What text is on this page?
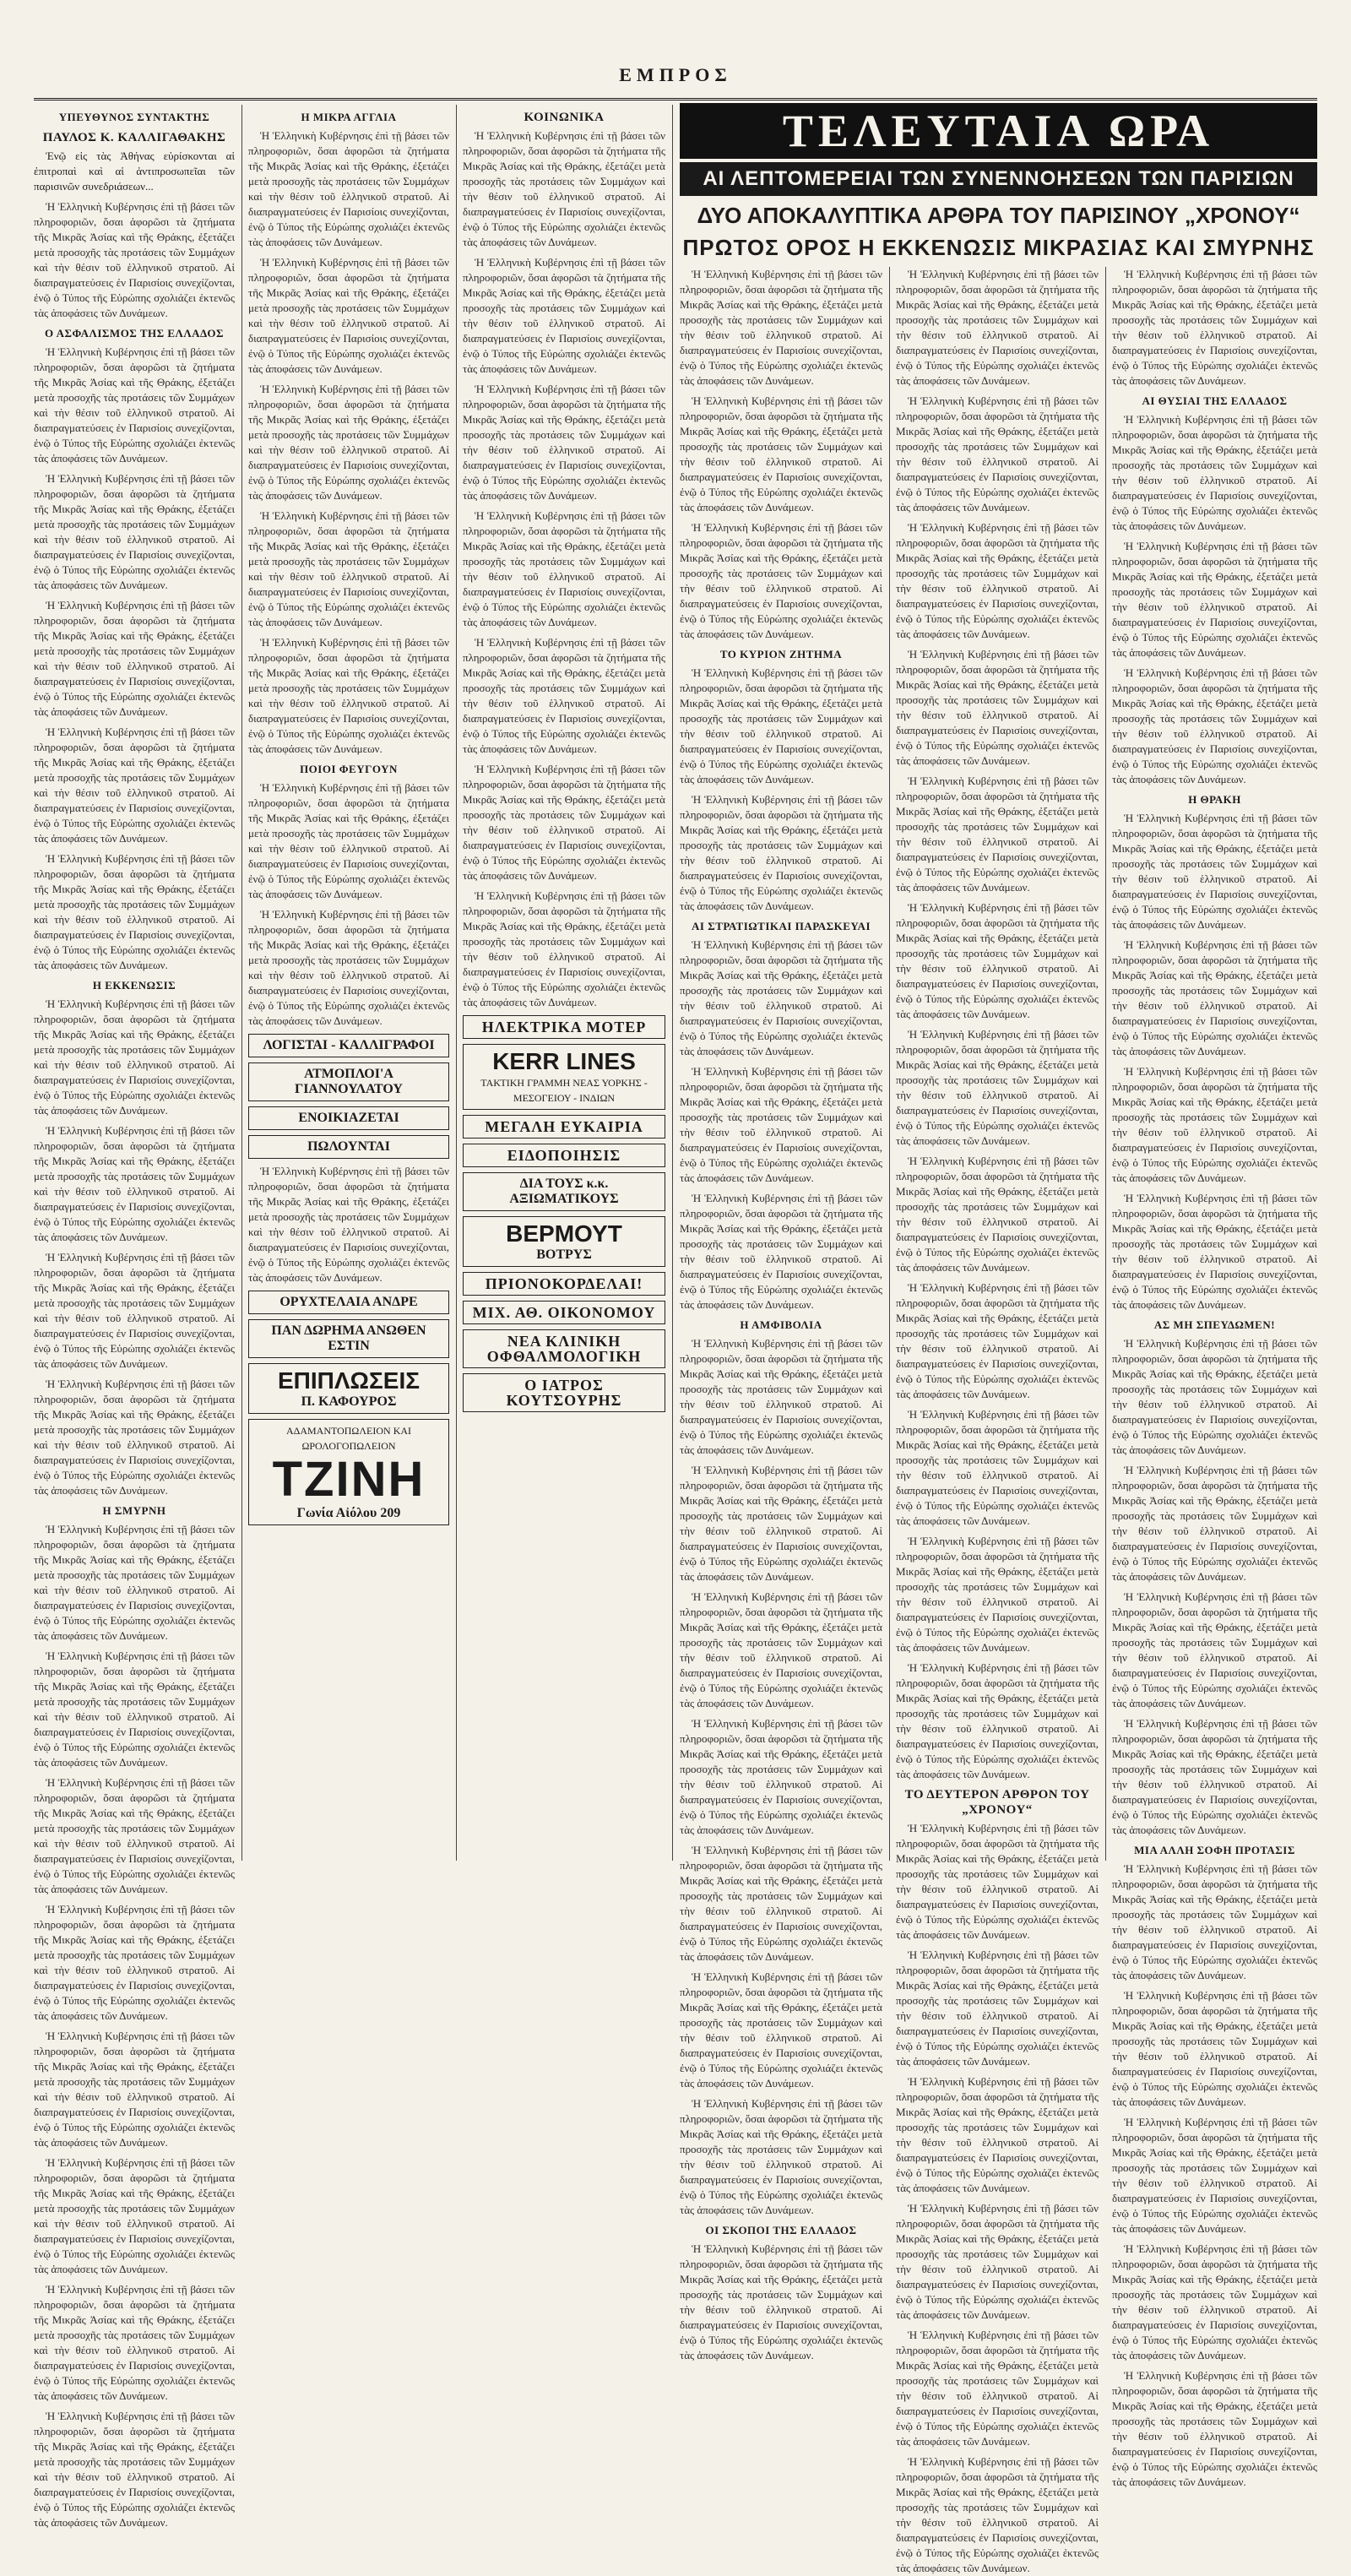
ΕΜΠΡΟΣ
ΥΠΕΥΘΥΝΟΣ ΣΥΝΤΑΚΤΗΣ
ΠΑΥΛΟΣ Κ. ΚΑΛΛΙΓΑΘΑΚΗΣ

Ἐνῷ εἰς τὰς Ἀθήνας εὑρίσκονται αἱ ἐπιτροπαὶ καὶ αἱ ἀντιπροσωπεῖαι τῶν παρισινῶν συνεδριάσεων...

Ἡ Ἑλληνικὴ Κυβέρνησις ἐπὶ τῇ βάσει τῶν πληροφοριῶν, ὅσαι ἀφορῶσι τὰ ζητήματα τῆς Μικρᾶς Ἀσίας καὶ τῆς Θράκης, ἐξετάζει μετὰ προσοχῆς τὰς προτάσεις τῶν Συμμάχων καὶ τὴν θέσιν τοῦ ἑλληνικοῦ στρατοῦ. Αἱ διαπραγματεύσεις ἐν Παρισίοις συνεχίζονται, ἐνῷ ὁ Τύπος τῆς Εὐρώπης σχολιάζει ἐκτενῶς τὰς ἀποφάσεις τῶν Δυνάμεων.

Ο ΑΣΦΑΛΙΣΜΟΣ ΤΗΣ ΕΛΛΑΔΟΣ

Ἡ Ἑλληνικὴ Κυβέρνησις ἐπὶ τῇ βάσει τῶν πληροφοριῶν, ὅσαι ἀφορῶσι τὰ ζητήματα τῆς Μικρᾶς Ἀσίας καὶ τῆς Θράκης, ἐξετάζει μετὰ προσοχῆς τὰς προτάσεις τῶν Συμμάχων καὶ τὴν θέσιν τοῦ ἑλληνικοῦ στρατοῦ. Αἱ διαπραγματεύσεις ἐν Παρισίοις συνεχίζονται, ἐνῷ ὁ Τύπος τῆς Εὐρώπης σχολιάζει ἐκτενῶς τὰς ἀποφάσεις τῶν Δυνάμεων.

Ἡ Ἑλληνικὴ Κυβέρνησις ἐπὶ τῇ βάσει τῶν πληροφοριῶν, ὅσαι ἀφορῶσι τὰ ζητήματα τῆς Μικρᾶς Ἀσίας καὶ τῆς Θράκης, ἐξετάζει μετὰ προσοχῆς τὰς προτάσεις τῶν Συμμάχων καὶ τὴν θέσιν τοῦ ἑλληνικοῦ στρατοῦ. Αἱ διαπραγματεύσεις ἐν Παρισίοις συνεχίζονται, ἐνῷ ὁ Τύπος τῆς Εὐρώπης σχολιάζει ἐκτενῶς τὰς ἀποφάσεις τῶν Δυνάμεων.

Ἡ Ἑλληνικὴ Κυβέρνησις ἐπὶ τῇ βάσει τῶν πληροφοριῶν, ὅσαι ἀφορῶσι τὰ ζητήματα τῆς Μικρᾶς Ἀσίας καὶ τῆς Θράκης, ἐξετάζει μετὰ προσοχῆς τὰς προτάσεις τῶν Συμμάχων καὶ τὴν θέσιν τοῦ ἑλληνικοῦ στρατοῦ. Αἱ διαπραγματεύσεις ἐν Παρισίοις συνεχίζονται, ἐνῷ ὁ Τύπος τῆς Εὐρώπης σχολιάζει ἐκτενῶς τὰς ἀποφάσεις τῶν Δυνάμεων.

Ἡ Ἑλληνικὴ Κυβέρνησις ἐπὶ τῇ βάσει τῶν πληροφοριῶν, ὅσαι ἀφορῶσι τὰ ζητήματα τῆς Μικρᾶς Ἀσίας καὶ τῆς Θράκης, ἐξετάζει μετὰ προσοχῆς τὰς προτάσεις τῶν Συμμάχων καὶ τὴν θέσιν τοῦ ἑλληνικοῦ στρατοῦ. Αἱ διαπραγματεύσεις ἐν Παρισίοις συνεχίζονται, ἐνῷ ὁ Τύπος τῆς Εὐρώπης σχολιάζει ἐκτενῶς τὰς ἀποφάσεις τῶν Δυνάμεων.

Ἡ Ἑλληνικὴ Κυβέρνησις ἐπὶ τῇ βάσει τῶν πληροφοριῶν, ὅσαι ἀφορῶσι τὰ ζητήματα τῆς Μικρᾶς Ἀσίας καὶ τῆς Θράκης, ἐξετάζει μετὰ προσοχῆς τὰς προτάσεις τῶν Συμμάχων καὶ τὴν θέσιν τοῦ ἑλληνικοῦ στρατοῦ. Αἱ διαπραγματεύσεις ἐν Παρισίοις συνεχίζονται, ἐνῷ ὁ Τύπος τῆς Εὐρώπης σχολιάζει ἐκτενῶς τὰς ἀποφάσεις τῶν Δυνάμεων.

Η ΕΚΚΕΝΩΣΙΣ

Ἡ Ἑλληνικὴ Κυβέρνησις ἐπὶ τῇ βάσει τῶν πληροφοριῶν, ὅσαι ἀφορῶσι τὰ ζητήματα τῆς Μικρᾶς Ἀσίας καὶ τῆς Θράκης, ἐξετάζει μετὰ προσοχῆς τὰς προτάσεις τῶν Συμμάχων καὶ τὴν θέσιν τοῦ ἑλληνικοῦ στρατοῦ. Αἱ διαπραγματεύσεις ἐν Παρισίοις συνεχίζονται, ἐνῷ ὁ Τύπος τῆς Εὐρώπης σχολιάζει ἐκτενῶς τὰς ἀποφάσεις τῶν Δυνάμεων.

Ἡ Ἑλληνικὴ Κυβέρνησις ἐπὶ τῇ βάσει τῶν πληροφοριῶν, ὅσαι ἀφορῶσι τὰ ζητήματα τῆς Μικρᾶς Ἀσίας καὶ τῆς Θράκης, ἐξετάζει μετὰ προσοχῆς τὰς προτάσεις τῶν Συμμάχων καὶ τὴν θέσιν τοῦ ἑλληνικοῦ στρατοῦ. Αἱ διαπραγματεύσεις ἐν Παρισίοις συνεχίζονται, ἐνῷ ὁ Τύπος τῆς Εὐρώπης σχολιάζει ἐκτενῶς τὰς ἀποφάσεις τῶν Δυνάμεων.

Ἡ Ἑλληνικὴ Κυβέρνησις ἐπὶ τῇ βάσει τῶν πληροφοριῶν, ὅσαι ἀφορῶσι τὰ ζητήματα τῆς Μικρᾶς Ἀσίας καὶ τῆς Θράκης, ἐξετάζει μετὰ προσοχῆς τὰς προτάσεις τῶν Συμμάχων καὶ τὴν θέσιν τοῦ ἑλληνικοῦ στρατοῦ. Αἱ διαπραγματεύσεις ἐν Παρισίοις συνεχίζονται, ἐνῷ ὁ Τύπος τῆς Εὐρώπης σχολιάζει ἐκτενῶς τὰς ἀποφάσεις τῶν Δυνάμεων.

Ἡ Ἑλληνικὴ Κυβέρνησις ἐπὶ τῇ βάσει τῶν πληροφοριῶν, ὅσαι ἀφορῶσι τὰ ζητήματα τῆς Μικρᾶς Ἀσίας καὶ τῆς Θράκης, ἐξετάζει μετὰ προσοχῆς τὰς προτάσεις τῶν Συμμάχων καὶ τὴν θέσιν τοῦ ἑλληνικοῦ στρατοῦ. Αἱ διαπραγματεύσεις ἐν Παρισίοις συνεχίζονται, ἐνῷ ὁ Τύπος τῆς Εὐρώπης σχολιάζει ἐκτενῶς τὰς ἀποφάσεις τῶν Δυνάμεων.

Η ΣΜΥΡΝΗ

Ἡ Ἑλληνικὴ Κυβέρνησις ἐπὶ τῇ βάσει τῶν πληροφοριῶν, ὅσαι ἀφορῶσι τὰ ζητήματα τῆς Μικρᾶς Ἀσίας καὶ τῆς Θράκης, ἐξετάζει μετὰ προσοχῆς τὰς προτάσεις τῶν Συμμάχων καὶ τὴν θέσιν τοῦ ἑλληνικοῦ στρατοῦ. Αἱ διαπραγματεύσεις ἐν Παρισίοις συνεχίζονται, ἐνῷ ὁ Τύπος τῆς Εὐρώπης σχολιάζει ἐκτενῶς τὰς ἀποφάσεις τῶν Δυνάμεων.

Ἡ Ἑλληνικὴ Κυβέρνησις ἐπὶ τῇ βάσει τῶν πληροφοριῶν, ὅσαι ἀφορῶσι τὰ ζητήματα τῆς Μικρᾶς Ἀσίας καὶ τῆς Θράκης, ἐξετάζει μετὰ προσοχῆς τὰς προτάσεις τῶν Συμμάχων καὶ τὴν θέσιν τοῦ ἑλληνικοῦ στρατοῦ. Αἱ διαπραγματεύσεις ἐν Παρισίοις συνεχίζονται, ἐνῷ ὁ Τύπος τῆς Εὐρώπης σχολιάζει ἐκτενῶς τὰς ἀποφάσεις τῶν Δυνάμεων.

Ἡ Ἑλληνικὴ Κυβέρνησις ἐπὶ τῇ βάσει τῶν πληροφοριῶν, ὅσαι ἀφορῶσι τὰ ζητήματα τῆς Μικρᾶς Ἀσίας καὶ τῆς Θράκης, ἐξετάζει μετὰ προσοχῆς τὰς προτάσεις τῶν Συμμάχων καὶ τὴν θέσιν τοῦ ἑλληνικοῦ στρατοῦ. Αἱ διαπραγματεύσεις ἐν Παρισίοις συνεχίζονται, ἐνῷ ὁ Τύπος τῆς Εὐρώπης σχολιάζει ἐκτενῶς τὰς ἀποφάσεις τῶν Δυνάμεων.

Ἡ Ἑλληνικὴ Κυβέρνησις ἐπὶ τῇ βάσει τῶν πληροφοριῶν, ὅσαι ἀφορῶσι τὰ ζητήματα τῆς Μικρᾶς Ἀσίας καὶ τῆς Θράκης, ἐξετάζει μετὰ προσοχῆς τὰς προτάσεις τῶν Συμμάχων καὶ τὴν θέσιν τοῦ ἑλληνικοῦ στρατοῦ. Αἱ διαπραγματεύσεις ἐν Παρισίοις συνεχίζονται, ἐνῷ ὁ Τύπος τῆς Εὐρώπης σχολιάζει ἐκτενῶς τὰς ἀποφάσεις τῶν Δυνάμεων.

Ἡ Ἑλληνικὴ Κυβέρνησις ἐπὶ τῇ βάσει τῶν πληροφοριῶν, ὅσαι ἀφορῶσι τὰ ζητήματα τῆς Μικρᾶς Ἀσίας καὶ τῆς Θράκης, ἐξετάζει μετὰ προσοχῆς τὰς προτάσεις τῶν Συμμάχων καὶ τὴν θέσιν τοῦ ἑλληνικοῦ στρατοῦ. Αἱ διαπραγματεύσεις ἐν Παρισίοις συνεχίζονται, ἐνῷ ὁ Τύπος τῆς Εὐρώπης σχολιάζει ἐκτενῶς τὰς ἀποφάσεις τῶν Δυνάμεων.

Ἡ Ἑλληνικὴ Κυβέρνησις ἐπὶ τῇ βάσει τῶν πληροφοριῶν, ὅσαι ἀφορῶσι τὰ ζητήματα τῆς Μικρᾶς Ἀσίας καὶ τῆς Θράκης, ἐξετάζει μετὰ προσοχῆς τὰς προτάσεις τῶν Συμμάχων καὶ τὴν θέσιν τοῦ ἑλληνικοῦ στρατοῦ. Αἱ διαπραγματεύσεις ἐν Παρισίοις συνεχίζονται, ἐνῷ ὁ Τύπος τῆς Εὐρώπης σχολιάζει ἐκτενῶς τὰς ἀποφάσεις τῶν Δυνάμεων.

Ἡ Ἑλληνικὴ Κυβέρνησις ἐπὶ τῇ βάσει τῶν πληροφοριῶν, ὅσαι ἀφορῶσι τὰ ζητήματα τῆς Μικρᾶς Ἀσίας καὶ τῆς Θράκης, ἐξετάζει μετὰ προσοχῆς τὰς προτάσεις τῶν Συμμάχων καὶ τὴν θέσιν τοῦ ἑλληνικοῦ στρατοῦ. Αἱ διαπραγματεύσεις ἐν Παρισίοις συνεχίζονται, ἐνῷ ὁ Τύπος τῆς Εὐρώπης σχολιάζει ἐκτενῶς τὰς ἀποφάσεις τῶν Δυνάμεων.

Ἡ Ἑλληνικὴ Κυβέρνησις ἐπὶ τῇ βάσει τῶν πληροφοριῶν, ὅσαι ἀφορῶσι τὰ ζητήματα τῆς Μικρᾶς Ἀσίας καὶ τῆς Θράκης, ἐξετάζει μετὰ προσοχῆς τὰς προτάσεις τῶν Συμμάχων καὶ τὴν θέσιν τοῦ ἑλληνικοῦ στρατοῦ. Αἱ διαπραγματεύσεις ἐν Παρισίοις συνεχίζονται, ἐνῷ ὁ Τύπος τῆς Εὐρώπης σχολιάζει ἐκτενῶς τὰς ἀποφάσεις τῶν Δυνάμεων.

Η ΜΙΚΡΑ ΑΓΓΛΙΑ

Ἡ Ἑλληνικὴ Κυβέρνησις ἐπὶ τῇ βάσει τῶν πληροφοριῶν, ὅσαι ἀφορῶσι τὰ ζητήματα τῆς Μικρᾶς Ἀσίας καὶ τῆς Θράκης, ἐξετάζει μετὰ προσοχῆς τὰς προτάσεις τῶν Συμμάχων καὶ τὴν θέσιν τοῦ ἑλληνικοῦ στρατοῦ. Αἱ διαπραγματεύσεις ἐν Παρισίοις συνεχίζονται, ἐνῷ ὁ Τύπος τῆς Εὐρώπης σχολιάζει ἐκτενῶς τὰς ἀποφάσεις τῶν Δυνάμεων.

Ἡ Ἑλληνικὴ Κυβέρνησις ἐπὶ τῇ βάσει τῶν πληροφοριῶν, ὅσαι ἀφορῶσι τὰ ζητήματα τῆς Μικρᾶς Ἀσίας καὶ τῆς Θράκης, ἐξετάζει μετὰ προσοχῆς τὰς προτάσεις τῶν Συμμάχων καὶ τὴν θέσιν τοῦ ἑλληνικοῦ στρατοῦ. Αἱ διαπραγματεύσεις ἐν Παρισίοις συνεχίζονται, ἐνῷ ὁ Τύπος τῆς Εὐρώπης σχολιάζει ἐκτενῶς τὰς ἀποφάσεις τῶν Δυνάμεων.

Ἡ Ἑλληνικὴ Κυβέρνησις ἐπὶ τῇ βάσει τῶν πληροφοριῶν, ὅσαι ἀφορῶσι τὰ ζητήματα τῆς Μικρᾶς Ἀσίας καὶ τῆς Θράκης, ἐξετάζει μετὰ προσοχῆς τὰς προτάσεις τῶν Συμμάχων καὶ τὴν θέσιν τοῦ ἑλληνικοῦ στρατοῦ. Αἱ διαπραγματεύσεις ἐν Παρισίοις συνεχίζονται, ἐνῷ ὁ Τύπος τῆς Εὐρώπης σχολιάζει ἐκτενῶς τὰς ἀποφάσεις τῶν Δυνάμεων.

Ἡ Ἑλληνικὴ Κυβέρνησις ἐπὶ τῇ βάσει τῶν πληροφοριῶν, ὅσαι ἀφορῶσι τὰ ζητήματα τῆς Μικρᾶς Ἀσίας καὶ τῆς Θράκης, ἐξετάζει μετὰ προσοχῆς τὰς προτάσεις τῶν Συμμάχων καὶ τὴν θέσιν τοῦ ἑλληνικοῦ στρατοῦ. Αἱ διαπραγματεύσεις ἐν Παρισίοις συνεχίζονται, ἐνῷ ὁ Τύπος τῆς Εὐρώπης σχολιάζει ἐκτενῶς τὰς ἀποφάσεις τῶν Δυνάμεων.

Ἡ Ἑλληνικὴ Κυβέρνησις ἐπὶ τῇ βάσει τῶν πληροφοριῶν, ὅσαι ἀφορῶσι τὰ ζητήματα τῆς Μικρᾶς Ἀσίας καὶ τῆς Θράκης, ἐξετάζει μετὰ προσοχῆς τὰς προτάσεις τῶν Συμμάχων καὶ τὴν θέσιν τοῦ ἑλληνικοῦ στρατοῦ. Αἱ διαπραγματεύσεις ἐν Παρισίοις συνεχίζονται, ἐνῷ ὁ Τύπος τῆς Εὐρώπης σχολιάζει ἐκτενῶς τὰς ἀποφάσεις τῶν Δυνάμεων.

ΠΟΙΟΙ ΦΕΥΓΟΥΝ

Ἡ Ἑλληνικὴ Κυβέρνησις ἐπὶ τῇ βάσει τῶν πληροφοριῶν, ὅσαι ἀφορῶσι τὰ ζητήματα τῆς Μικρᾶς Ἀσίας καὶ τῆς Θράκης, ἐξετάζει μετὰ προσοχῆς τὰς προτάσεις τῶν Συμμάχων καὶ τὴν θέσιν τοῦ ἑλληνικοῦ στρατοῦ. Αἱ διαπραγματεύσεις ἐν Παρισίοις συνεχίζονται, ἐνῷ ὁ Τύπος τῆς Εὐρώπης σχολιάζει ἐκτενῶς τὰς ἀποφάσεις τῶν Δυνάμεων.

Ἡ Ἑλληνικὴ Κυβέρνησις ἐπὶ τῇ βάσει τῶν πληροφοριῶν, ὅσαι ἀφορῶσι τὰ ζητήματα τῆς Μικρᾶς Ἀσίας καὶ τῆς Θράκης, ἐξετάζει μετὰ προσοχῆς τὰς προτάσεις τῶν Συμμάχων καὶ τὴν θέσιν τοῦ ἑλληνικοῦ στρατοῦ. Αἱ διαπραγματεύσεις ἐν Παρισίοις συνεχίζονται, ἐνῷ ὁ Τύπος τῆς Εὐρώπης σχολιάζει ἐκτενῶς τὰς ἀποφάσεις τῶν Δυνάμεων.

ΛΟΓΙΣΤΑΙ - ΚΑΛΛΙΓΡΑΦΟΙ
ΑΤΜΟΠΛΟΙ'Α ΓΙΑΝΝΟΥΛΑΤΟΥ
ΕΝΟΙΚΙΑΖΕΤΑΙ
ΠΩΛΟΥΝΤΑΙ

Ἡ Ἑλληνικὴ Κυβέρνησις ἐπὶ τῇ βάσει τῶν πληροφοριῶν, ὅσαι ἀφορῶσι τὰ ζητήματα τῆς Μικρᾶς Ἀσίας καὶ τῆς Θράκης, ἐξετάζει μετὰ προσοχῆς τὰς προτάσεις τῶν Συμμάχων καὶ τὴν θέσιν τοῦ ἑλληνικοῦ στρατοῦ. Αἱ διαπραγματεύσεις ἐν Παρισίοις συνεχίζονται, ἐνῷ ὁ Τύπος τῆς Εὐρώπης σχολιάζει ἐκτενῶς τὰς ἀποφάσεις τῶν Δυνάμεων.

ΟΡΥΧΤΕΛΑΙΑ ΑΝΔΡΕ
ΠΑΝ ΔΩΡΗΜΑ ΑΝΩΘΕΝ ΕΣΤΙΝ
ΕΠΙΠΛΩΣΕΙΣ
Π. ΚΑΦΟΥΡΟΣ
ΑΔΑΜΑΝΤΟΠΩΛΕΙΟΝ ΚΑΙ ΩΡΟΛΟΓΟΠΩΛΕΙΟΝ
ΤΖΙΝΗ
Γωνία Αἰόλου 209
ΚΟΙΝΩΝΙΚΑ

Ἡ Ἑλληνικὴ Κυβέρνησις ἐπὶ τῇ βάσει τῶν πληροφοριῶν, ὅσαι ἀφορῶσι τὰ ζητήματα τῆς Μικρᾶς Ἀσίας καὶ τῆς Θράκης, ἐξετάζει μετὰ προσοχῆς τὰς προτάσεις τῶν Συμμάχων καὶ τὴν θέσιν τοῦ ἑλληνικοῦ στρατοῦ. Αἱ διαπραγματεύσεις ἐν Παρισίοις συνεχίζονται, ἐνῷ ὁ Τύπος τῆς Εὐρώπης σχολιάζει ἐκτενῶς τὰς ἀποφάσεις τῶν Δυνάμεων.

Ἡ Ἑλληνικὴ Κυβέρνησις ἐπὶ τῇ βάσει τῶν πληροφοριῶν, ὅσαι ἀφορῶσι τὰ ζητήματα τῆς Μικρᾶς Ἀσίας καὶ τῆς Θράκης, ἐξετάζει μετὰ προσοχῆς τὰς προτάσεις τῶν Συμμάχων καὶ τὴν θέσιν τοῦ ἑλληνικοῦ στρατοῦ. Αἱ διαπραγματεύσεις ἐν Παρισίοις συνεχίζονται, ἐνῷ ὁ Τύπος τῆς Εὐρώπης σχολιάζει ἐκτενῶς τὰς ἀποφάσεις τῶν Δυνάμεων.

Ἡ Ἑλληνικὴ Κυβέρνησις ἐπὶ τῇ βάσει τῶν πληροφοριῶν, ὅσαι ἀφορῶσι τὰ ζητήματα τῆς Μικρᾶς Ἀσίας καὶ τῆς Θράκης, ἐξετάζει μετὰ προσοχῆς τὰς προτάσεις τῶν Συμμάχων καὶ τὴν θέσιν τοῦ ἑλληνικοῦ στρατοῦ. Αἱ διαπραγματεύσεις ἐν Παρισίοις συνεχίζονται, ἐνῷ ὁ Τύπος τῆς Εὐρώπης σχολιάζει ἐκτενῶς τὰς ἀποφάσεις τῶν Δυνάμεων.

Ἡ Ἑλληνικὴ Κυβέρνησις ἐπὶ τῇ βάσει τῶν πληροφοριῶν, ὅσαι ἀφορῶσι τὰ ζητήματα τῆς Μικρᾶς Ἀσίας καὶ τῆς Θράκης, ἐξετάζει μετὰ προσοχῆς τὰς προτάσεις τῶν Συμμάχων καὶ τὴν θέσιν τοῦ ἑλληνικοῦ στρατοῦ. Αἱ διαπραγματεύσεις ἐν Παρισίοις συνεχίζονται, ἐνῷ ὁ Τύπος τῆς Εὐρώπης σχολιάζει ἐκτενῶς τὰς ἀποφάσεις τῶν Δυνάμεων.

Ἡ Ἑλληνικὴ Κυβέρνησις ἐπὶ τῇ βάσει τῶν πληροφοριῶν, ὅσαι ἀφορῶσι τὰ ζητήματα τῆς Μικρᾶς Ἀσίας καὶ τῆς Θράκης, ἐξετάζει μετὰ προσοχῆς τὰς προτάσεις τῶν Συμμάχων καὶ τὴν θέσιν τοῦ ἑλληνικοῦ στρατοῦ. Αἱ διαπραγματεύσεις ἐν Παρισίοις συνεχίζονται, ἐνῷ ὁ Τύπος τῆς Εὐρώπης σχολιάζει ἐκτενῶς τὰς ἀποφάσεις τῶν Δυνάμεων.

Ἡ Ἑλληνικὴ Κυβέρνησις ἐπὶ τῇ βάσει τῶν πληροφοριῶν, ὅσαι ἀφορῶσι τὰ ζητήματα τῆς Μικρᾶς Ἀσίας καὶ τῆς Θράκης, ἐξετάζει μετὰ προσοχῆς τὰς προτάσεις τῶν Συμμάχων καὶ τὴν θέσιν τοῦ ἑλληνικοῦ στρατοῦ. Αἱ διαπραγματεύσεις ἐν Παρισίοις συνεχίζονται, ἐνῷ ὁ Τύπος τῆς Εὐρώπης σχολιάζει ἐκτενῶς τὰς ἀποφάσεις τῶν Δυνάμεων.

Ἡ Ἑλληνικὴ Κυβέρνησις ἐπὶ τῇ βάσει τῶν πληροφοριῶν, ὅσαι ἀφορῶσι τὰ ζητήματα τῆς Μικρᾶς Ἀσίας καὶ τῆς Θράκης, ἐξετάζει μετὰ προσοχῆς τὰς προτάσεις τῶν Συμμάχων καὶ τὴν θέσιν τοῦ ἑλληνικοῦ στρατοῦ. Αἱ διαπραγματεύσεις ἐν Παρισίοις συνεχίζονται, ἐνῷ ὁ Τύπος τῆς Εὐρώπης σχολιάζει ἐκτενῶς τὰς ἀποφάσεις τῶν Δυνάμεων.

ΗΛΕΚΤΡΙΚΑ ΜΟΤΕΡ
KERR LINES
ΤΑΚΤΙΚΗ ΓΡΑΜΜΗ ΝΕΑΣ ΥΟΡΚΗΣ - ΜΕΣΟΓΕΙΟΥ - ΙΝΔΙΩΝ
ΜΕΓΑΛΗ ΕΥΚΑΙΡΙΑ
ΕΙΔΟΠΟΙΗΣΙΣ
ΔΙΑ ΤΟΥΣ κ.κ. ΑΞΙΩΜΑΤΙΚΟΥΣ
ΒΕΡΜΟΥΤ
ΒΟΤΡΥΣ
ΠΡΙΟΝΟΚΟΡΔΕΛΑΙ!
ΜΙΧ. ΑΘ. ΟΙΚΟΝΟΜΟΥ
ΝΕΑ ΚΛΙΝΙΚΗ ΟΦΘΑΛΜΟΛΟΓΙΚΗ
Ο ΙΑΤΡΟΣ ΚΟΥΤΣΟΥΡΗΣ
ΤΕΛΕΥΤΑΙΑ ΩΡΑ
ΑΙ ΛΕΠΤΟΜΕΡΕΙΑΙ ΤΩΝ ΣΥΝΕΝΝΟΗΣΕΩΝ ΤΩΝ ΠΑΡΙΣΙΩΝ
ΔΥΟ ΑΠΟΚΑΛΥΠΤΙΚΑ ΑΡΘΡΑ ΤΟΥ ΠΑΡΙΣΙΝΟΥ „ΧΡΟΝΟΥ“
ΠΡΩΤΟΣ ΟΡΟΣ Η ΕΚΚΕΝΩΣΙΣ ΜΙΚΡΑΣΙΑΣ ΚΑΙ ΣΜΥΡΝΗΣ

Ἡ Ἑλληνικὴ Κυβέρνησις ἐπὶ τῇ βάσει τῶν πληροφοριῶν, ὅσαι ἀφορῶσι τὰ ζητήματα τῆς Μικρᾶς Ἀσίας καὶ τῆς Θράκης, ἐξετάζει μετὰ προσοχῆς τὰς προτάσεις τῶν Συμμάχων καὶ τὴν θέσιν τοῦ ἑλληνικοῦ στρατοῦ. Αἱ διαπραγματεύσεις ἐν Παρισίοις συνεχίζονται, ἐνῷ ὁ Τύπος τῆς Εὐρώπης σχολιάζει ἐκτενῶς τὰς ἀποφάσεις τῶν Δυνάμεων.

Ἡ Ἑλληνικὴ Κυβέρνησις ἐπὶ τῇ βάσει τῶν πληροφοριῶν, ὅσαι ἀφορῶσι τὰ ζητήματα τῆς Μικρᾶς Ἀσίας καὶ τῆς Θράκης, ἐξετάζει μετὰ προσοχῆς τὰς προτάσεις τῶν Συμμάχων καὶ τὴν θέσιν τοῦ ἑλληνικοῦ στρατοῦ. Αἱ διαπραγματεύσεις ἐν Παρισίοις συνεχίζονται, ἐνῷ ὁ Τύπος τῆς Εὐρώπης σχολιάζει ἐκτενῶς τὰς ἀποφάσεις τῶν Δυνάμεων.

Ἡ Ἑλληνικὴ Κυβέρνησις ἐπὶ τῇ βάσει τῶν πληροφοριῶν, ὅσαι ἀφορῶσι τὰ ζητήματα τῆς Μικρᾶς Ἀσίας καὶ τῆς Θράκης, ἐξετάζει μετὰ προσοχῆς τὰς προτάσεις τῶν Συμμάχων καὶ τὴν θέσιν τοῦ ἑλληνικοῦ στρατοῦ. Αἱ διαπραγματεύσεις ἐν Παρισίοις συνεχίζονται, ἐνῷ ὁ Τύπος τῆς Εὐρώπης σχολιάζει ἐκτενῶς τὰς ἀποφάσεις τῶν Δυνάμεων.

ΤΟ ΚΥΡΙΟΝ ΖΗΤΗΜΑ

Ἡ Ἑλληνικὴ Κυβέρνησις ἐπὶ τῇ βάσει τῶν πληροφοριῶν, ὅσαι ἀφορῶσι τὰ ζητήματα τῆς Μικρᾶς Ἀσίας καὶ τῆς Θράκης, ἐξετάζει μετὰ προσοχῆς τὰς προτάσεις τῶν Συμμάχων καὶ τὴν θέσιν τοῦ ἑλληνικοῦ στρατοῦ. Αἱ διαπραγματεύσεις ἐν Παρισίοις συνεχίζονται, ἐνῷ ὁ Τύπος τῆς Εὐρώπης σχολιάζει ἐκτενῶς τὰς ἀποφάσεις τῶν Δυνάμεων.

Ἡ Ἑλληνικὴ Κυβέρνησις ἐπὶ τῇ βάσει τῶν πληροφοριῶν, ὅσαι ἀφορῶσι τὰ ζητήματα τῆς Μικρᾶς Ἀσίας καὶ τῆς Θράκης, ἐξετάζει μετὰ προσοχῆς τὰς προτάσεις τῶν Συμμάχων καὶ τὴν θέσιν τοῦ ἑλληνικοῦ στρατοῦ. Αἱ διαπραγματεύσεις ἐν Παρισίοις συνεχίζονται, ἐνῷ ὁ Τύπος τῆς Εὐρώπης σχολιάζει ἐκτενῶς τὰς ἀποφάσεις τῶν Δυνάμεων.

ΑΙ ΣΤΡΑΤΙΩΤΙΚΑΙ ΠΑΡΑΣΚΕΥΑΙ

Ἡ Ἑλληνικὴ Κυβέρνησις ἐπὶ τῇ βάσει τῶν πληροφοριῶν, ὅσαι ἀφορῶσι τὰ ζητήματα τῆς Μικρᾶς Ἀσίας καὶ τῆς Θράκης, ἐξετάζει μετὰ προσοχῆς τὰς προτάσεις τῶν Συμμάχων καὶ τὴν θέσιν τοῦ ἑλληνικοῦ στρατοῦ. Αἱ διαπραγματεύσεις ἐν Παρισίοις συνεχίζονται, ἐνῷ ὁ Τύπος τῆς Εὐρώπης σχολιάζει ἐκτενῶς τὰς ἀποφάσεις τῶν Δυνάμεων.

Ἡ Ἑλληνικὴ Κυβέρνησις ἐπὶ τῇ βάσει τῶν πληροφοριῶν, ὅσαι ἀφορῶσι τὰ ζητήματα τῆς Μικρᾶς Ἀσίας καὶ τῆς Θράκης, ἐξετάζει μετὰ προσοχῆς τὰς προτάσεις τῶν Συμμάχων καὶ τὴν θέσιν τοῦ ἑλληνικοῦ στρατοῦ. Αἱ διαπραγματεύσεις ἐν Παρισίοις συνεχίζονται, ἐνῷ ὁ Τύπος τῆς Εὐρώπης σχολιάζει ἐκτενῶς τὰς ἀποφάσεις τῶν Δυνάμεων.

Ἡ Ἑλληνικὴ Κυβέρνησις ἐπὶ τῇ βάσει τῶν πληροφοριῶν, ὅσαι ἀφορῶσι τὰ ζητήματα τῆς Μικρᾶς Ἀσίας καὶ τῆς Θράκης, ἐξετάζει μετὰ προσοχῆς τὰς προτάσεις τῶν Συμμάχων καὶ τὴν θέσιν τοῦ ἑλληνικοῦ στρατοῦ. Αἱ διαπραγματεύσεις ἐν Παρισίοις συνεχίζονται, ἐνῷ ὁ Τύπος τῆς Εὐρώπης σχολιάζει ἐκτενῶς τὰς ἀποφάσεις τῶν Δυνάμεων.

Η ΑΜΦΙΒΟΛΙΑ

Ἡ Ἑλληνικὴ Κυβέρνησις ἐπὶ τῇ βάσει τῶν πληροφοριῶν, ὅσαι ἀφορῶσι τὰ ζητήματα τῆς Μικρᾶς Ἀσίας καὶ τῆς Θράκης, ἐξετάζει μετὰ προσοχῆς τὰς προτάσεις τῶν Συμμάχων καὶ τὴν θέσιν τοῦ ἑλληνικοῦ στρατοῦ. Αἱ διαπραγματεύσεις ἐν Παρισίοις συνεχίζονται, ἐνῷ ὁ Τύπος τῆς Εὐρώπης σχολιάζει ἐκτενῶς τὰς ἀποφάσεις τῶν Δυνάμεων.

Ἡ Ἑλληνικὴ Κυβέρνησις ἐπὶ τῇ βάσει τῶν πληροφοριῶν, ὅσαι ἀφορῶσι τὰ ζητήματα τῆς Μικρᾶς Ἀσίας καὶ τῆς Θράκης, ἐξετάζει μετὰ προσοχῆς τὰς προτάσεις τῶν Συμμάχων καὶ τὴν θέσιν τοῦ ἑλληνικοῦ στρατοῦ. Αἱ διαπραγματεύσεις ἐν Παρισίοις συνεχίζονται, ἐνῷ ὁ Τύπος τῆς Εὐρώπης σχολιάζει ἐκτενῶς τὰς ἀποφάσεις τῶν Δυνάμεων.

Ἡ Ἑλληνικὴ Κυβέρνησις ἐπὶ τῇ βάσει τῶν πληροφοριῶν, ὅσαι ἀφορῶσι τὰ ζητήματα τῆς Μικρᾶς Ἀσίας καὶ τῆς Θράκης, ἐξετάζει μετὰ προσοχῆς τὰς προτάσεις τῶν Συμμάχων καὶ τὴν θέσιν τοῦ ἑλληνικοῦ στρατοῦ. Αἱ διαπραγματεύσεις ἐν Παρισίοις συνεχίζονται, ἐνῷ ὁ Τύπος τῆς Εὐρώπης σχολιάζει ἐκτενῶς τὰς ἀποφάσεις τῶν Δυνάμεων.

Ἡ Ἑλληνικὴ Κυβέρνησις ἐπὶ τῇ βάσει τῶν πληροφοριῶν, ὅσαι ἀφορῶσι τὰ ζητήματα τῆς Μικρᾶς Ἀσίας καὶ τῆς Θράκης, ἐξετάζει μετὰ προσοχῆς τὰς προτάσεις τῶν Συμμάχων καὶ τὴν θέσιν τοῦ ἑλληνικοῦ στρατοῦ. Αἱ διαπραγματεύσεις ἐν Παρισίοις συνεχίζονται, ἐνῷ ὁ Τύπος τῆς Εὐρώπης σχολιάζει ἐκτενῶς τὰς ἀποφάσεις τῶν Δυνάμεων.

Ἡ Ἑλληνικὴ Κυβέρνησις ἐπὶ τῇ βάσει τῶν πληροφοριῶν, ὅσαι ἀφορῶσι τὰ ζητήματα τῆς Μικρᾶς Ἀσίας καὶ τῆς Θράκης, ἐξετάζει μετὰ προσοχῆς τὰς προτάσεις τῶν Συμμάχων καὶ τὴν θέσιν τοῦ ἑλληνικοῦ στρατοῦ. Αἱ διαπραγματεύσεις ἐν Παρισίοις συνεχίζονται, ἐνῷ ὁ Τύπος τῆς Εὐρώπης σχολιάζει ἐκτενῶς τὰς ἀποφάσεις τῶν Δυνάμεων.

Ἡ Ἑλληνικὴ Κυβέρνησις ἐπὶ τῇ βάσει τῶν πληροφοριῶν, ὅσαι ἀφορῶσι τὰ ζητήματα τῆς Μικρᾶς Ἀσίας καὶ τῆς Θράκης, ἐξετάζει μετὰ προσοχῆς τὰς προτάσεις τῶν Συμμάχων καὶ τὴν θέσιν τοῦ ἑλληνικοῦ στρατοῦ. Αἱ διαπραγματεύσεις ἐν Παρισίοις συνεχίζονται, ἐνῷ ὁ Τύπος τῆς Εὐρώπης σχολιάζει ἐκτενῶς τὰς ἀποφάσεις τῶν Δυνάμεων.

Ἡ Ἑλληνικὴ Κυβέρνησις ἐπὶ τῇ βάσει τῶν πληροφοριῶν, ὅσαι ἀφορῶσι τὰ ζητήματα τῆς Μικρᾶς Ἀσίας καὶ τῆς Θράκης, ἐξετάζει μετὰ προσοχῆς τὰς προτάσεις τῶν Συμμάχων καὶ τὴν θέσιν τοῦ ἑλληνικοῦ στρατοῦ. Αἱ διαπραγματεύσεις ἐν Παρισίοις συνεχίζονται, ἐνῷ ὁ Τύπος τῆς Εὐρώπης σχολιάζει ἐκτενῶς τὰς ἀποφάσεις τῶν Δυνάμεων.

ΟΙ ΣΚΟΠΟΙ ΤΗΣ ΕΛΛΑΔΟΣ

Ἡ Ἑλληνικὴ Κυβέρνησις ἐπὶ τῇ βάσει τῶν πληροφοριῶν, ὅσαι ἀφορῶσι τὰ ζητήματα τῆς Μικρᾶς Ἀσίας καὶ τῆς Θράκης, ἐξετάζει μετὰ προσοχῆς τὰς προτάσεις τῶν Συμμάχων καὶ τὴν θέσιν τοῦ ἑλληνικοῦ στρατοῦ. Αἱ διαπραγματεύσεις ἐν Παρισίοις συνεχίζονται, ἐνῷ ὁ Τύπος τῆς Εὐρώπης σχολιάζει ἐκτενῶς τὰς ἀποφάσεις τῶν Δυνάμεων.

Ἡ Ἑλληνικὴ Κυβέρνησις ἐπὶ τῇ βάσει τῶν πληροφοριῶν, ὅσαι ἀφορῶσι τὰ ζητήματα τῆς Μικρᾶς Ἀσίας καὶ τῆς Θράκης, ἐξετάζει μετὰ προσοχῆς τὰς προτάσεις τῶν Συμμάχων καὶ τὴν θέσιν τοῦ ἑλληνικοῦ στρατοῦ. Αἱ διαπραγματεύσεις ἐν Παρισίοις συνεχίζονται, ἐνῷ ὁ Τύπος τῆς Εὐρώπης σχολιάζει ἐκτενῶς τὰς ἀποφάσεις τῶν Δυνάμεων.

Ἡ Ἑλληνικὴ Κυβέρνησις ἐπὶ τῇ βάσει τῶν πληροφοριῶν, ὅσαι ἀφορῶσι τὰ ζητήματα τῆς Μικρᾶς Ἀσίας καὶ τῆς Θράκης, ἐξετάζει μετὰ προσοχῆς τὰς προτάσεις τῶν Συμμάχων καὶ τὴν θέσιν τοῦ ἑλληνικοῦ στρατοῦ. Αἱ διαπραγματεύσεις ἐν Παρισίοις συνεχίζονται, ἐνῷ ὁ Τύπος τῆς Εὐρώπης σχολιάζει ἐκτενῶς τὰς ἀποφάσεις τῶν Δυνάμεων.

Ἡ Ἑλληνικὴ Κυβέρνησις ἐπὶ τῇ βάσει τῶν πληροφοριῶν, ὅσαι ἀφορῶσι τὰ ζητήματα τῆς Μικρᾶς Ἀσίας καὶ τῆς Θράκης, ἐξετάζει μετὰ προσοχῆς τὰς προτάσεις τῶν Συμμάχων καὶ τὴν θέσιν τοῦ ἑλληνικοῦ στρατοῦ. Αἱ διαπραγματεύσεις ἐν Παρισίοις συνεχίζονται, ἐνῷ ὁ Τύπος τῆς Εὐρώπης σχολιάζει ἐκτενῶς τὰς ἀποφάσεις τῶν Δυνάμεων.

Ἡ Ἑλληνικὴ Κυβέρνησις ἐπὶ τῇ βάσει τῶν πληροφοριῶν, ὅσαι ἀφορῶσι τὰ ζητήματα τῆς Μικρᾶς Ἀσίας καὶ τῆς Θράκης, ἐξετάζει μετὰ προσοχῆς τὰς προτάσεις τῶν Συμμάχων καὶ τὴν θέσιν τοῦ ἑλληνικοῦ στρατοῦ. Αἱ διαπραγματεύσεις ἐν Παρισίοις συνεχίζονται, ἐνῷ ὁ Τύπος τῆς Εὐρώπης σχολιάζει ἐκτενῶς τὰς ἀποφάσεις τῶν Δυνάμεων.

Ἡ Ἑλληνικὴ Κυβέρνησις ἐπὶ τῇ βάσει τῶν πληροφοριῶν, ὅσαι ἀφορῶσι τὰ ζητήματα τῆς Μικρᾶς Ἀσίας καὶ τῆς Θράκης, ἐξετάζει μετὰ προσοχῆς τὰς προτάσεις τῶν Συμμάχων καὶ τὴν θέσιν τοῦ ἑλληνικοῦ στρατοῦ. Αἱ διαπραγματεύσεις ἐν Παρισίοις συνεχίζονται, ἐνῷ ὁ Τύπος τῆς Εὐρώπης σχολιάζει ἐκτενῶς τὰς ἀποφάσεις τῶν Δυνάμεων.

Ἡ Ἑλληνικὴ Κυβέρνησις ἐπὶ τῇ βάσει τῶν πληροφοριῶν, ὅσαι ἀφορῶσι τὰ ζητήματα τῆς Μικρᾶς Ἀσίας καὶ τῆς Θράκης, ἐξετάζει μετὰ προσοχῆς τὰς προτάσεις τῶν Συμμάχων καὶ τὴν θέσιν τοῦ ἑλληνικοῦ στρατοῦ. Αἱ διαπραγματεύσεις ἐν Παρισίοις συνεχίζονται, ἐνῷ ὁ Τύπος τῆς Εὐρώπης σχολιάζει ἐκτενῶς τὰς ἀποφάσεις τῶν Δυνάμεων.

Ἡ Ἑλληνικὴ Κυβέρνησις ἐπὶ τῇ βάσει τῶν πληροφοριῶν, ὅσαι ἀφορῶσι τὰ ζητήματα τῆς Μικρᾶς Ἀσίας καὶ τῆς Θράκης, ἐξετάζει μετὰ προσοχῆς τὰς προτάσεις τῶν Συμμάχων καὶ τὴν θέσιν τοῦ ἑλληνικοῦ στρατοῦ. Αἱ διαπραγματεύσεις ἐν Παρισίοις συνεχίζονται, ἐνῷ ὁ Τύπος τῆς Εὐρώπης σχολιάζει ἐκτενῶς τὰς ἀποφάσεις τῶν Δυνάμεων.

Ἡ Ἑλληνικὴ Κυβέρνησις ἐπὶ τῇ βάσει τῶν πληροφοριῶν, ὅσαι ἀφορῶσι τὰ ζητήματα τῆς Μικρᾶς Ἀσίας καὶ τῆς Θράκης, ἐξετάζει μετὰ προσοχῆς τὰς προτάσεις τῶν Συμμάχων καὶ τὴν θέσιν τοῦ ἑλληνικοῦ στρατοῦ. Αἱ διαπραγματεύσεις ἐν Παρισίοις συνεχίζονται, ἐνῷ ὁ Τύπος τῆς Εὐρώπης σχολιάζει ἐκτενῶς τὰς ἀποφάσεις τῶν Δυνάμεων.

Ἡ Ἑλληνικὴ Κυβέρνησις ἐπὶ τῇ βάσει τῶν πληροφοριῶν, ὅσαι ἀφορῶσι τὰ ζητήματα τῆς Μικρᾶς Ἀσίας καὶ τῆς Θράκης, ἐξετάζει μετὰ προσοχῆς τὰς προτάσεις τῶν Συμμάχων καὶ τὴν θέσιν τοῦ ἑλληνικοῦ στρατοῦ. Αἱ διαπραγματεύσεις ἐν Παρισίοις συνεχίζονται, ἐνῷ ὁ Τύπος τῆς Εὐρώπης σχολιάζει ἐκτενῶς τὰς ἀποφάσεις τῶν Δυνάμεων.

Ἡ Ἑλληνικὴ Κυβέρνησις ἐπὶ τῇ βάσει τῶν πληροφοριῶν, ὅσαι ἀφορῶσι τὰ ζητήματα τῆς Μικρᾶς Ἀσίας καὶ τῆς Θράκης, ἐξετάζει μετὰ προσοχῆς τὰς προτάσεις τῶν Συμμάχων καὶ τὴν θέσιν τοῦ ἑλληνικοῦ στρατοῦ. Αἱ διαπραγματεύσεις ἐν Παρισίοις συνεχίζονται, ἐνῷ ὁ Τύπος τῆς Εὐρώπης σχολιάζει ἐκτενῶς τὰς ἀποφάσεις τῶν Δυνάμεων.

Ἡ Ἑλληνικὴ Κυβέρνησις ἐπὶ τῇ βάσει τῶν πληροφοριῶν, ὅσαι ἀφορῶσι τὰ ζητήματα τῆς Μικρᾶς Ἀσίας καὶ τῆς Θράκης, ἐξετάζει μετὰ προσοχῆς τὰς προτάσεις τῶν Συμμάχων καὶ τὴν θέσιν τοῦ ἑλληνικοῦ στρατοῦ. Αἱ διαπραγματεύσεις ἐν Παρισίοις συνεχίζονται, ἐνῷ ὁ Τύπος τῆς Εὐρώπης σχολιάζει ἐκτενῶς τὰς ἀποφάσεις τῶν Δυνάμεων.

Ἡ Ἑλληνικὴ Κυβέρνησις ἐπὶ τῇ βάσει τῶν πληροφοριῶν, ὅσαι ἀφορῶσι τὰ ζητήματα τῆς Μικρᾶς Ἀσίας καὶ τῆς Θράκης, ἐξετάζει μετὰ προσοχῆς τὰς προτάσεις τῶν Συμμάχων καὶ τὴν θέσιν τοῦ ἑλληνικοῦ στρατοῦ. Αἱ διαπραγματεύσεις ἐν Παρισίοις συνεχίζονται, ἐνῷ ὁ Τύπος τῆς Εὐρώπης σχολιάζει ἐκτενῶς τὰς ἀποφάσεις τῶν Δυνάμεων.

ΤΟ ΔΕΥΤΕΡΟΝ ΑΡΘΡΟΝ ΤΟΥ „ΧΡΟΝΟΥ“

Ἡ Ἑλληνικὴ Κυβέρνησις ἐπὶ τῇ βάσει τῶν πληροφοριῶν, ὅσαι ἀφορῶσι τὰ ζητήματα τῆς Μικρᾶς Ἀσίας καὶ τῆς Θράκης, ἐξετάζει μετὰ προσοχῆς τὰς προτάσεις τῶν Συμμάχων καὶ τὴν θέσιν τοῦ ἑλληνικοῦ στρατοῦ. Αἱ διαπραγματεύσεις ἐν Παρισίοις συνεχίζονται, ἐνῷ ὁ Τύπος τῆς Εὐρώπης σχολιάζει ἐκτενῶς τὰς ἀποφάσεις τῶν Δυνάμεων.

Ἡ Ἑλληνικὴ Κυβέρνησις ἐπὶ τῇ βάσει τῶν πληροφοριῶν, ὅσαι ἀφορῶσι τὰ ζητήματα τῆς Μικρᾶς Ἀσίας καὶ τῆς Θράκης, ἐξετάζει μετὰ προσοχῆς τὰς προτάσεις τῶν Συμμάχων καὶ τὴν θέσιν τοῦ ἑλληνικοῦ στρατοῦ. Αἱ διαπραγματεύσεις ἐν Παρισίοις συνεχίζονται, ἐνῷ ὁ Τύπος τῆς Εὐρώπης σχολιάζει ἐκτενῶς τὰς ἀποφάσεις τῶν Δυνάμεων.

Ἡ Ἑλληνικὴ Κυβέρνησις ἐπὶ τῇ βάσει τῶν πληροφοριῶν, ὅσαι ἀφορῶσι τὰ ζητήματα τῆς Μικρᾶς Ἀσίας καὶ τῆς Θράκης, ἐξετάζει μετὰ προσοχῆς τὰς προτάσεις τῶν Συμμάχων καὶ τὴν θέσιν τοῦ ἑλληνικοῦ στρατοῦ. Αἱ διαπραγματεύσεις ἐν Παρισίοις συνεχίζονται, ἐνῷ ὁ Τύπος τῆς Εὐρώπης σχολιάζει ἐκτενῶς τὰς ἀποφάσεις τῶν Δυνάμεων.

Ἡ Ἑλληνικὴ Κυβέρνησις ἐπὶ τῇ βάσει τῶν πληροφοριῶν, ὅσαι ἀφορῶσι τὰ ζητήματα τῆς Μικρᾶς Ἀσίας καὶ τῆς Θράκης, ἐξετάζει μετὰ προσοχῆς τὰς προτάσεις τῶν Συμμάχων καὶ τὴν θέσιν τοῦ ἑλληνικοῦ στρατοῦ. Αἱ διαπραγματεύσεις ἐν Παρισίοις συνεχίζονται, ἐνῷ ὁ Τύπος τῆς Εὐρώπης σχολιάζει ἐκτενῶς τὰς ἀποφάσεις τῶν Δυνάμεων.

Ἡ Ἑλληνικὴ Κυβέρνησις ἐπὶ τῇ βάσει τῶν πληροφοριῶν, ὅσαι ἀφορῶσι τὰ ζητήματα τῆς Μικρᾶς Ἀσίας καὶ τῆς Θράκης, ἐξετάζει μετὰ προσοχῆς τὰς προτάσεις τῶν Συμμάχων καὶ τὴν θέσιν τοῦ ἑλληνικοῦ στρατοῦ. Αἱ διαπραγματεύσεις ἐν Παρισίοις συνεχίζονται, ἐνῷ ὁ Τύπος τῆς Εὐρώπης σχολιάζει ἐκτενῶς τὰς ἀποφάσεις τῶν Δυνάμεων.

Ἡ Ἑλληνικὴ Κυβέρνησις ἐπὶ τῇ βάσει τῶν πληροφοριῶν, ὅσαι ἀφορῶσι τὰ ζητήματα τῆς Μικρᾶς Ἀσίας καὶ τῆς Θράκης, ἐξετάζει μετὰ προσοχῆς τὰς προτάσεις τῶν Συμμάχων καὶ τὴν θέσιν τοῦ ἑλληνικοῦ στρατοῦ. Αἱ διαπραγματεύσεις ἐν Παρισίοις συνεχίζονται, ἐνῷ ὁ Τύπος τῆς Εὐρώπης σχολιάζει ἐκτενῶς τὰς ἀποφάσεις τῶν Δυνάμεων.

Ἡ Ἑλληνικὴ Κυβέρνησις ἐπὶ τῇ βάσει τῶν πληροφοριῶν, ὅσαι ἀφορῶσι τὰ ζητήματα τῆς Μικρᾶς Ἀσίας καὶ τῆς Θράκης, ἐξετάζει μετὰ προσοχῆς τὰς προτάσεις τῶν Συμμάχων καὶ τὴν θέσιν τοῦ ἑλληνικοῦ στρατοῦ. Αἱ διαπραγματεύσεις ἐν Παρισίοις συνεχίζονται, ἐνῷ ὁ Τύπος τῆς Εὐρώπης σχολιάζει ἐκτενῶς τὰς ἀποφάσεις τῶν Δυνάμεων.

ΑΙ ΘΥΣΙΑΙ ΤΗΣ ΕΛΛΑΔΟΣ

Ἡ Ἑλληνικὴ Κυβέρνησις ἐπὶ τῇ βάσει τῶν πληροφοριῶν, ὅσαι ἀφορῶσι τὰ ζητήματα τῆς Μικρᾶς Ἀσίας καὶ τῆς Θράκης, ἐξετάζει μετὰ προσοχῆς τὰς προτάσεις τῶν Συμμάχων καὶ τὴν θέσιν τοῦ ἑλληνικοῦ στρατοῦ. Αἱ διαπραγματεύσεις ἐν Παρισίοις συνεχίζονται, ἐνῷ ὁ Τύπος τῆς Εὐρώπης σχολιάζει ἐκτενῶς τὰς ἀποφάσεις τῶν Δυνάμεων.

Ἡ Ἑλληνικὴ Κυβέρνησις ἐπὶ τῇ βάσει τῶν πληροφοριῶν, ὅσαι ἀφορῶσι τὰ ζητήματα τῆς Μικρᾶς Ἀσίας καὶ τῆς Θράκης, ἐξετάζει μετὰ προσοχῆς τὰς προτάσεις τῶν Συμμάχων καὶ τὴν θέσιν τοῦ ἑλληνικοῦ στρατοῦ. Αἱ διαπραγματεύσεις ἐν Παρισίοις συνεχίζονται, ἐνῷ ὁ Τύπος τῆς Εὐρώπης σχολιάζει ἐκτενῶς τὰς ἀποφάσεις τῶν Δυνάμεων.

Ἡ Ἑλληνικὴ Κυβέρνησις ἐπὶ τῇ βάσει τῶν πληροφοριῶν, ὅσαι ἀφορῶσι τὰ ζητήματα τῆς Μικρᾶς Ἀσίας καὶ τῆς Θράκης, ἐξετάζει μετὰ προσοχῆς τὰς προτάσεις τῶν Συμμάχων καὶ τὴν θέσιν τοῦ ἑλληνικοῦ στρατοῦ. Αἱ διαπραγματεύσεις ἐν Παρισίοις συνεχίζονται, ἐνῷ ὁ Τύπος τῆς Εὐρώπης σχολιάζει ἐκτενῶς τὰς ἀποφάσεις τῶν Δυνάμεων.

Η ΘΡΑΚΗ

Ἡ Ἑλληνικὴ Κυβέρνησις ἐπὶ τῇ βάσει τῶν πληροφοριῶν, ὅσαι ἀφορῶσι τὰ ζητήματα τῆς Μικρᾶς Ἀσίας καὶ τῆς Θράκης, ἐξετάζει μετὰ προσοχῆς τὰς προτάσεις τῶν Συμμάχων καὶ τὴν θέσιν τοῦ ἑλληνικοῦ στρατοῦ. Αἱ διαπραγματεύσεις ἐν Παρισίοις συνεχίζονται, ἐνῷ ὁ Τύπος τῆς Εὐρώπης σχολιάζει ἐκτενῶς τὰς ἀποφάσεις τῶν Δυνάμεων.

Ἡ Ἑλληνικὴ Κυβέρνησις ἐπὶ τῇ βάσει τῶν πληροφοριῶν, ὅσαι ἀφορῶσι τὰ ζητήματα τῆς Μικρᾶς Ἀσίας καὶ τῆς Θράκης, ἐξετάζει μετὰ προσοχῆς τὰς προτάσεις τῶν Συμμάχων καὶ τὴν θέσιν τοῦ ἑλληνικοῦ στρατοῦ. Αἱ διαπραγματεύσεις ἐν Παρισίοις συνεχίζονται, ἐνῷ ὁ Τύπος τῆς Εὐρώπης σχολιάζει ἐκτενῶς τὰς ἀποφάσεις τῶν Δυνάμεων.

Ἡ Ἑλληνικὴ Κυβέρνησις ἐπὶ τῇ βάσει τῶν πληροφοριῶν, ὅσαι ἀφορῶσι τὰ ζητήματα τῆς Μικρᾶς Ἀσίας καὶ τῆς Θράκης, ἐξετάζει μετὰ προσοχῆς τὰς προτάσεις τῶν Συμμάχων καὶ τὴν θέσιν τοῦ ἑλληνικοῦ στρατοῦ. Αἱ διαπραγματεύσεις ἐν Παρισίοις συνεχίζονται, ἐνῷ ὁ Τύπος τῆς Εὐρώπης σχολιάζει ἐκτενῶς τὰς ἀποφάσεις τῶν Δυνάμεων.

Ἡ Ἑλληνικὴ Κυβέρνησις ἐπὶ τῇ βάσει τῶν πληροφοριῶν, ὅσαι ἀφορῶσι τὰ ζητήματα τῆς Μικρᾶς Ἀσίας καὶ τῆς Θράκης, ἐξετάζει μετὰ προσοχῆς τὰς προτάσεις τῶν Συμμάχων καὶ τὴν θέσιν τοῦ ἑλληνικοῦ στρατοῦ. Αἱ διαπραγματεύσεις ἐν Παρισίοις συνεχίζονται, ἐνῷ ὁ Τύπος τῆς Εὐρώπης σχολιάζει ἐκτενῶς τὰς ἀποφάσεις τῶν Δυνάμεων.

ΑΣ ΜΗ ΣΠΕΥΔΩΜΕΝ!

Ἡ Ἑλληνικὴ Κυβέρνησις ἐπὶ τῇ βάσει τῶν πληροφοριῶν, ὅσαι ἀφορῶσι τὰ ζητήματα τῆς Μικρᾶς Ἀσίας καὶ τῆς Θράκης, ἐξετάζει μετὰ προσοχῆς τὰς προτάσεις τῶν Συμμάχων καὶ τὴν θέσιν τοῦ ἑλληνικοῦ στρατοῦ. Αἱ διαπραγματεύσεις ἐν Παρισίοις συνεχίζονται, ἐνῷ ὁ Τύπος τῆς Εὐρώπης σχολιάζει ἐκτενῶς τὰς ἀποφάσεις τῶν Δυνάμεων.

Ἡ Ἑλληνικὴ Κυβέρνησις ἐπὶ τῇ βάσει τῶν πληροφοριῶν, ὅσαι ἀφορῶσι τὰ ζητήματα τῆς Μικρᾶς Ἀσίας καὶ τῆς Θράκης, ἐξετάζει μετὰ προσοχῆς τὰς προτάσεις τῶν Συμμάχων καὶ τὴν θέσιν τοῦ ἑλληνικοῦ στρατοῦ. Αἱ διαπραγματεύσεις ἐν Παρισίοις συνεχίζονται, ἐνῷ ὁ Τύπος τῆς Εὐρώπης σχολιάζει ἐκτενῶς τὰς ἀποφάσεις τῶν Δυνάμεων.

Ἡ Ἑλληνικὴ Κυβέρνησις ἐπὶ τῇ βάσει τῶν πληροφοριῶν, ὅσαι ἀφορῶσι τὰ ζητήματα τῆς Μικρᾶς Ἀσίας καὶ τῆς Θράκης, ἐξετάζει μετὰ προσοχῆς τὰς προτάσεις τῶν Συμμάχων καὶ τὴν θέσιν τοῦ ἑλληνικοῦ στρατοῦ. Αἱ διαπραγματεύσεις ἐν Παρισίοις συνεχίζονται, ἐνῷ ὁ Τύπος τῆς Εὐρώπης σχολιάζει ἐκτενῶς τὰς ἀποφάσεις τῶν Δυνάμεων.

Ἡ Ἑλληνικὴ Κυβέρνησις ἐπὶ τῇ βάσει τῶν πληροφοριῶν, ὅσαι ἀφορῶσι τὰ ζητήματα τῆς Μικρᾶς Ἀσίας καὶ τῆς Θράκης, ἐξετάζει μετὰ προσοχῆς τὰς προτάσεις τῶν Συμμάχων καὶ τὴν θέσιν τοῦ ἑλληνικοῦ στρατοῦ. Αἱ διαπραγματεύσεις ἐν Παρισίοις συνεχίζονται, ἐνῷ ὁ Τύπος τῆς Εὐρώπης σχολιάζει ἐκτενῶς τὰς ἀποφάσεις τῶν Δυνάμεων.

ΜΙΑ ΑΛΛΗ ΣΟΦΗ ΠΡΟΤΑΣΙΣ

Ἡ Ἑλληνικὴ Κυβέρνησις ἐπὶ τῇ βάσει τῶν πληροφοριῶν, ὅσαι ἀφορῶσι τὰ ζητήματα τῆς Μικρᾶς Ἀσίας καὶ τῆς Θράκης, ἐξετάζει μετὰ προσοχῆς τὰς προτάσεις τῶν Συμμάχων καὶ τὴν θέσιν τοῦ ἑλληνικοῦ στρατοῦ. Αἱ διαπραγματεύσεις ἐν Παρισίοις συνεχίζονται, ἐνῷ ὁ Τύπος τῆς Εὐρώπης σχολιάζει ἐκτενῶς τὰς ἀποφάσεις τῶν Δυνάμεων.

Ἡ Ἑλληνικὴ Κυβέρνησις ἐπὶ τῇ βάσει τῶν πληροφοριῶν, ὅσαι ἀφορῶσι τὰ ζητήματα τῆς Μικρᾶς Ἀσίας καὶ τῆς Θράκης, ἐξετάζει μετὰ προσοχῆς τὰς προτάσεις τῶν Συμμάχων καὶ τὴν θέσιν τοῦ ἑλληνικοῦ στρατοῦ. Αἱ διαπραγματεύσεις ἐν Παρισίοις συνεχίζονται, ἐνῷ ὁ Τύπος τῆς Εὐρώπης σχολιάζει ἐκτενῶς τὰς ἀποφάσεις τῶν Δυνάμεων.

Ἡ Ἑλληνικὴ Κυβέρνησις ἐπὶ τῇ βάσει τῶν πληροφοριῶν, ὅσαι ἀφορῶσι τὰ ζητήματα τῆς Μικρᾶς Ἀσίας καὶ τῆς Θράκης, ἐξετάζει μετὰ προσοχῆς τὰς προτάσεις τῶν Συμμάχων καὶ τὴν θέσιν τοῦ ἑλληνικοῦ στρατοῦ. Αἱ διαπραγματεύσεις ἐν Παρισίοις συνεχίζονται, ἐνῷ ὁ Τύπος τῆς Εὐρώπης σχολιάζει ἐκτενῶς τὰς ἀποφάσεις τῶν Δυνάμεων.

Ἡ Ἑλληνικὴ Κυβέρνησις ἐπὶ τῇ βάσει τῶν πληροφοριῶν, ὅσαι ἀφορῶσι τὰ ζητήματα τῆς Μικρᾶς Ἀσίας καὶ τῆς Θράκης, ἐξετάζει μετὰ προσοχῆς τὰς προτάσεις τῶν Συμμάχων καὶ τὴν θέσιν τοῦ ἑλληνικοῦ στρατοῦ. Αἱ διαπραγματεύσεις ἐν Παρισίοις συνεχίζονται, ἐνῷ ὁ Τύπος τῆς Εὐρώπης σχολιάζει ἐκτενῶς τὰς ἀποφάσεις τῶν Δυνάμεων.

Ἡ Ἑλληνικὴ Κυβέρνησις ἐπὶ τῇ βάσει τῶν πληροφοριῶν, ὅσαι ἀφορῶσι τὰ ζητήματα τῆς Μικρᾶς Ἀσίας καὶ τῆς Θράκης, ἐξετάζει μετὰ προσοχῆς τὰς προτάσεις τῶν Συμμάχων καὶ τὴν θέσιν τοῦ ἑλληνικοῦ στρατοῦ. Αἱ διαπραγματεύσεις ἐν Παρισίοις συνεχίζονται, ἐνῷ ὁ Τύπος τῆς Εὐρώπης σχολιάζει ἐκτενῶς τὰς ἀποφάσεις τῶν Δυνάμεων.
